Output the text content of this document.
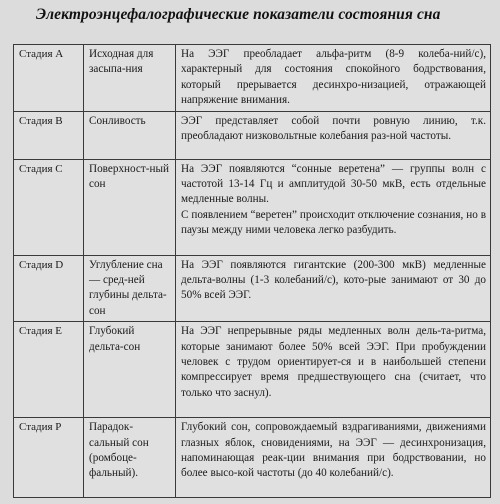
Электроэнцефалографические показатели состояния сна
Стадия А	Исходная для засыпа-ния	На ЭЭГ преобладает альфа-ритм (8-9 колеба-ний/с), характерный для состояния спокойного бодрствования, который прерывается десинхро-низацией, отражающей напряжение внимания.

Стадия В	Сонливость	ЭЭГ представляет собой почти ровную линию, т.к. преобладают низковольтные колебания раз-ной частоты.

Стадия С	Поверхност-ный сон	На ЭЭГ появляются “сонные веретена” — группы волн с частотой 13-14 Гц и амплитудой 30-50 мкВ, есть отдельные медленные волны.

С появлением “веретен” происходит отключение сознания, но в паузы между ними человека легко разбудить.

Стадия D	Углубление сна — сред-ней глубины дельта-сон	На ЭЭГ появляются гигантские (200-300 мкВ) медленные дельта-волны (1-3 колебаний/с), кото-рые занимают от 30 до 50% всей ЭЭГ.

Стадия Е	Глубокий дельта-сон	На ЭЭГ непрерывные ряды медленных волн дель-та-ритма, которые занимают более 50% всей ЭЭГ. При пробуждении человек с трудом ориентирует-ся и в наибольшей степени компрессирует время предшествующего сна (считает, что только что заснул).

Стадия Р	Парадок-сальный сон (ромбоце-фальный).	Глубокий сон, сопровождаемый вздрагиваниями, движениями глазных яблок, сновидениями, на ЭЭГ — десинхронизация, напоминающая реак-ции внимания при бодрствовании, но более высо-кой частоты (до 40 колебаний/с).
